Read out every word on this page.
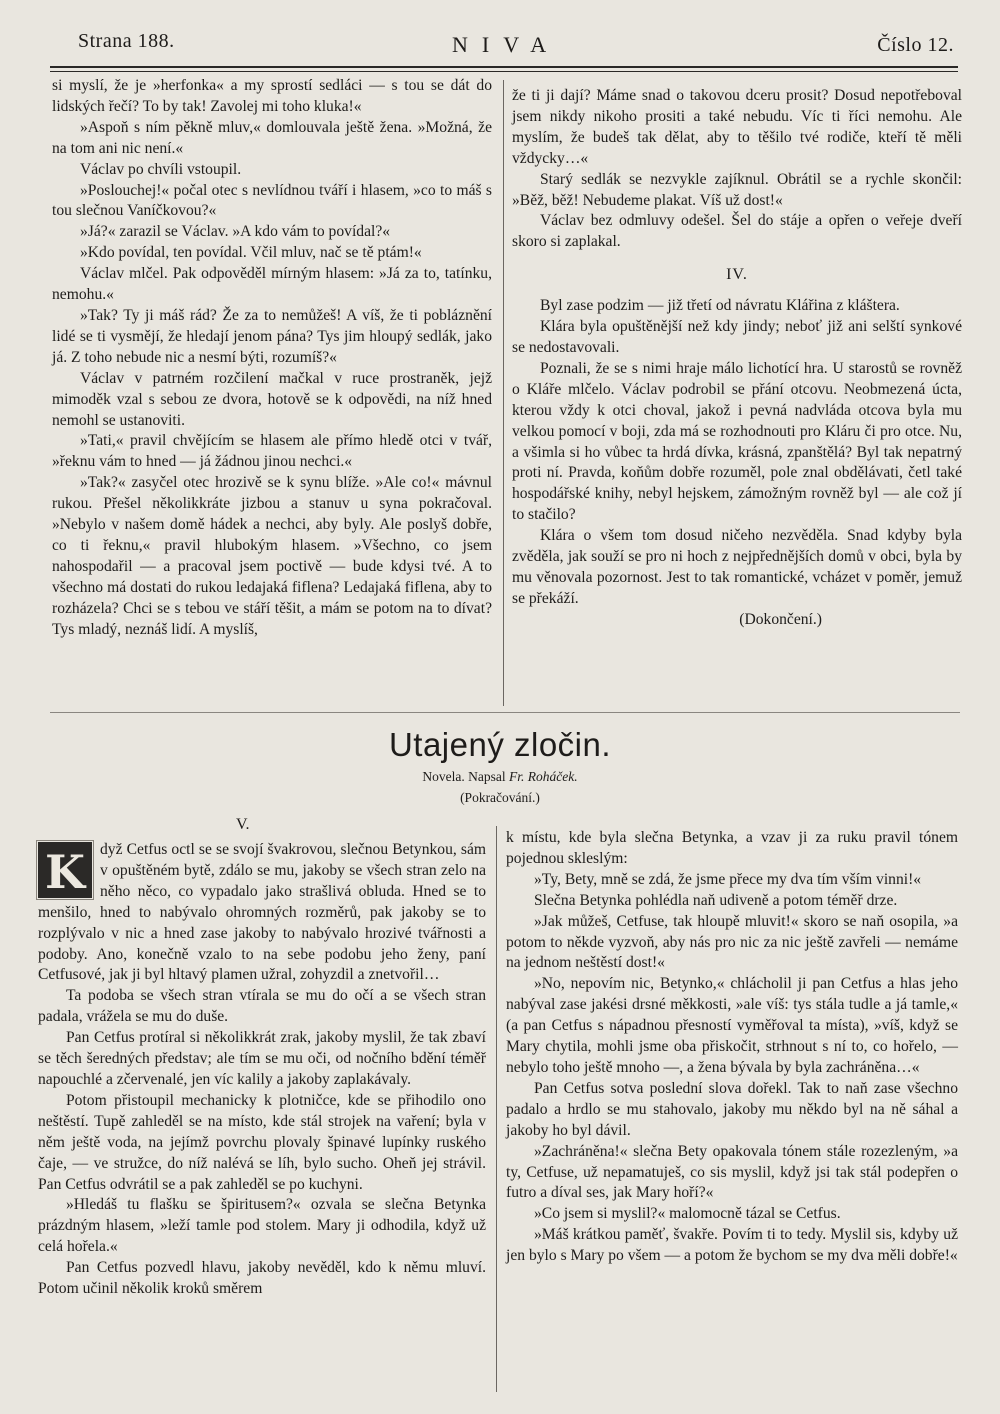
Strana 188.	NIVA	Číslo 12.

si myslí, že je »herfonka« a my sprostí sedláci — s tou se dát do lidských řečí? To by tak! Zavolej mi toho kluka!«

»Aspoň s ním pěkně mluv,« domlouvala ještě žena. »Možná, že na tom ani nic není.«

Václav po chvíli vstoupil.

»Poslouchej!« počal otec s nevlídnou tváří i hlasem, »co to máš s tou slečnou Vaníčkovou?«

»Já?« zarazil se Václav. »A kdo vám to povídal?«

»Kdo povídal, ten povídal. Včil mluv, nač se tě ptám!«

Václav mlčel. Pak odpověděl mírným hlasem: »Já za to, tatínku, nemohu.«

»Tak? Ty ji máš rád? Že za to nemůžeš! A víš, že ti pobláznění lidé se ti vysmějí, že hledají jenom pána? Tys jim hloupý sedlák, jako já. Z toho nebude nic a nesmí býti, rozumíš?«

Václav v patrném rozčilení mačkal v ruce prostraněk, jejž mimoděk vzal s sebou ze dvora, hotově se k odpovědi, na níž hned nemohl se ustanoviti.

»Tati,« pravil chvějícím se hlasem ale přímo hledě otci v tvář, »řeknu vám to hned — já žádnou jinou nechci.«

»Tak?« zasyčel otec hrozivě se k synu blíže. »Ale co!« mávnul rukou. Přešel několikkráte jizbou a stanuv u syna pokračoval. »Nebylo v našem domě hádek a nechci, aby byly. Ale poslyš dobře, co ti řeknu,« pravil hlubokým hlasem. »Všechno, co jsem nahospodařil — a pracoval jsem poctivě — bude kdysi tvé. A to všechno má dostati do rukou ledajaká fiflena? Ledajaká fiflena, aby to rozházela? Chci se s tebou ve stáří těšit, a mám se potom na to dívat? Tys mladý, neznáš lidí. A myslíš,

že ti ji dají? Máme snad o takovou dceru prosit? Dosud nepotřeboval jsem nikdy nikoho prositi a také nebudu. Víc ti říci nemohu. Ale myslím, že budeš tak dělat, aby to těšilo tvé rodiče, kteří tě měli vždycky…«

Starý sedlák se nezvykle zajíknul. Obrátil se a rychle skončil: »Běž, běž! Nebudeme plakat. Víš už dost!«

Václav bez odmluvy odešel. Šel do stáje a opřen o veřeje dveří skoro si zaplakal.

IV.

Byl zase podzim — již třetí od návratu Klářina z kláštera.

Klára byla opuštěnější než kdy jindy; neboť již ani selští synkové se nedostavovali.

Poznali, že se s nimi hraje málo lichotící hra. U starostů se rovněž o Kláře mlčelo. Václav podrobil se přání otcovu. Neobmezená úcta, kterou vždy k otci choval, jakož i pevná nadvláda otcova byla mu velkou pomocí v boji, zda má se rozhodnouti pro Kláru či pro otce. Nu, a všimla si ho vůbec ta hrdá dívka, krásná, zpanštělá? Byl tak nepatrný proti ní. Pravda, koňům dobře rozuměl, pole znal obdělávati, četl také hospodářské knihy, nebyl hejskem, zámožným rovněž byl — ale což jí to stačilo?

Klára o všem tom dosud ničeho nezvěděla. Snad kdyby byla zvěděla, jak souží se pro ni hoch z nejpřednějších domů v obci, byla by mu věnovala pozornost. Jest to tak romantické, vcházet v poměr, jemuž se překáží.

(Dokončení.)

Utajený zločin.
Novela. Napsal Fr. Roháček.
(Pokračování.)
V.

K dyž Cetfus octl se se svojí švakrovou, slečnou Betynkou, sám v opuštěném bytě, zdálo se mu, jakoby se všech stran zelo na něho něco, co vypadalo jako strašlivá obluda. Hned se to menšilo, hned to nabývalo ohromných rozměrů, pak jakoby se to rozplývalo v nic a hned zase jakoby to nabývalo hrozivé tvářnosti a podoby. Ano, konečně vzalo to na sebe podobu jeho ženy, paní Cetfusové, jak ji byl hltavý plamen užral, zohyzdil a znetvořil…

Ta podoba se všech stran vtírala se mu do očí a se všech stran padala, vrážela se mu do duše.

Pan Cetfus protíral si několikkrát zrak, jakoby myslil, že tak zbaví se těch šeredných představ; ale tím se mu oči, od nočního bdění téměř napouchlé a zčervenalé, jen víc kalily a jakoby zaplakávaly.

Potom přistoupil mechanicky k plotničce, kde se přihodilo ono neštěstí. Tupě zahleděl se na místo, kde stál strojek na vaření; byla v něm ještě voda, na jejímž povrchu plovaly špinavé lupínky ruského čaje, — ve stružce, do níž nalévá se líh, bylo sucho. Oheň jej strávil. Pan Cetfus odvrátil se a pak zahleděl se po kuchyni.

»Hledáš tu flašku se špiritusem?« ozvala se slečna Betynka prázdným hlasem, »leží tamle pod stolem. Mary ji odhodila, když už celá hořela.«

Pan Cetfus pozvedl hlavu, jakoby nevěděl, kdo k němu mluví. Potom učinil několik kroků směrem

k místu, kde byla slečna Betynka, a vzav ji za ruku pravil tónem pojednou skleslým:

»Ty, Bety, mně se zdá, že jsme přece my dva tím vším vinni!«

Slečna Betynka pohlédla naň udiveně a potom téměř drze.

»Jak můžeš, Cetfuse, tak hloupě mluvit!« skoro se naň osopila, »a potom to někde vyzvoň, aby nás pro nic za nic ještě zavřeli — nemáme na jednom neštěstí dost!«

»No, nepovím nic, Betynko,« chlácholil ji pan Cetfus a hlas jeho nabýval zase jakési drsné měkkosti, »ale víš: tys stála tudle a já tamle,« (a pan Cetfus s nápadnou přesností vyměřoval ta místa), »víš, když se Mary chytila, mohli jsme oba přiskočit, strhnout s ní to, co hořelo, — nebylo toho ještě mnoho —, a žena bývala by byla zachráněna…«

Pan Cetfus sotva poslední slova dořekl. Tak to naň zase všechno padalo a hrdlo se mu stahovalo, jakoby mu někdo byl na ně sáhal a jakoby ho byl dávil.

»Zachráněna!« slečna Bety opakovala tónem stále rozezleným, »a ty, Cetfuse, už nepamatuješ, co sis myslil, když jsi tak stál podepřen o futro a díval ses, jak Mary hoří?«

»Co jsem si myslil?« malomocně tázal se Cetfus.

»Máš krátkou paměť, švakře. Povím ti to tedy. Myslil sis, kdyby už jen bylo s Mary po všem — a potom že bychom se my dva měli dobře!«
